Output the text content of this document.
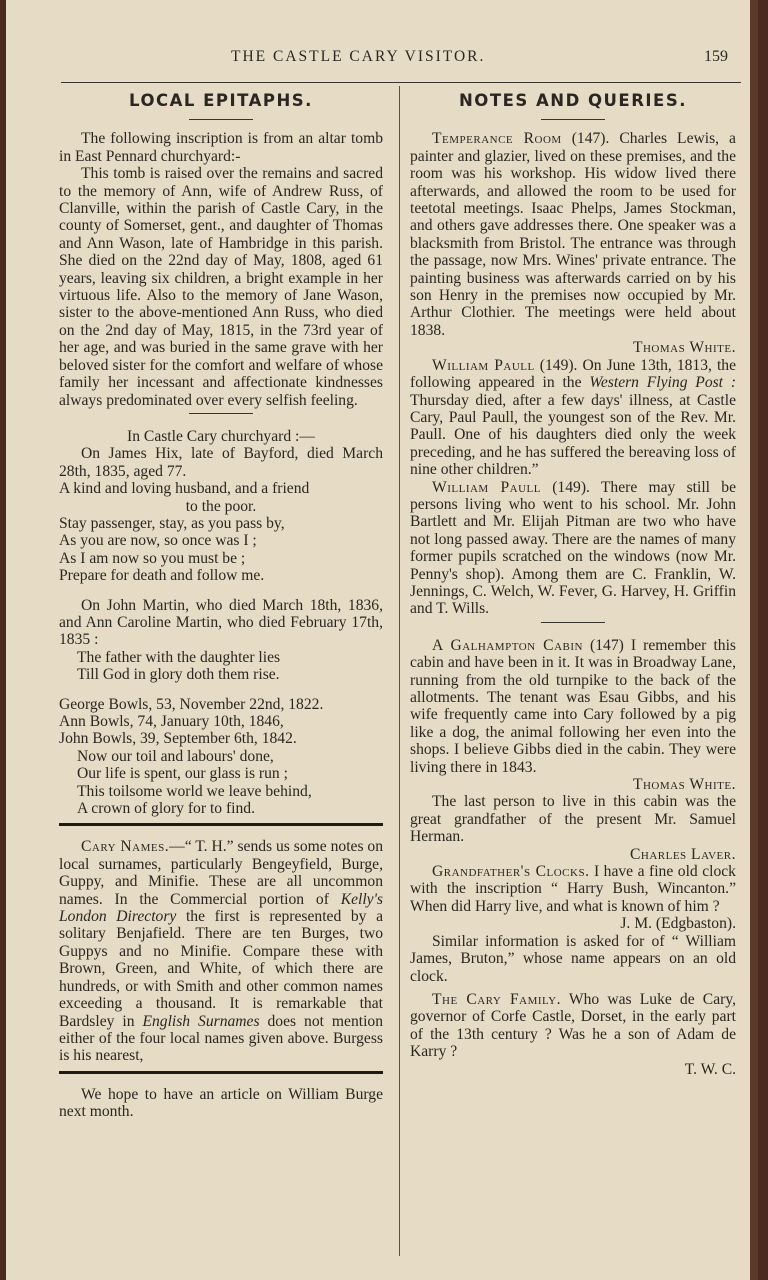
THE CASTLE CARY VISITOR.	159
LOCAL EPITAPHS.

The following inscription is from an altar tomb in East Pennard churchyard:-

This tomb is raised over the remains and sacred to the memory of Ann, wife of Andrew Russ, of Clanville, within the parish of Castle Cary, in the county of Somerset, gent., and daughter of Thomas and Ann Wason, late of Hambridge in this parish. She died on the 22nd day of May, 1808, aged 61 years, leaving six children, a bright example in her virtuous life. Also to the memory of Jane Wason, sister to the above-mentioned Ann Russ, who died on the 2nd day of May, 1815, in the 73rd year of her age, and was buried in the same grave with her beloved sister for the comfort and welfare of whose family her incessant and affectionate kindnesses always predominated over every selfish feeling.

In Castle Cary churchyard :—

On James Hix, late of Bayford, died March 28th, 1835, aged 77.

A kind and loving husband, and a friend

to the poor.

Stay passenger, stay, as you pass by,

As you are now, so once was I ;

As I am now so you must be ;

Prepare for death and follow me.

On John Martin, who died March 18th, 1836, and Ann Caroline Martin, who died February 17th, 1835 :

The father with the daughter lies

Till God in glory doth them rise.

George Bowls, 53, November 22nd, 1822.

Ann Bowls, 74, January 10th, 1846,

John Bowls, 39, September 6th, 1842.

Now our toil and labours' done,

Our life is spent, our glass is run ;

This toilsome world we leave behind,

A crown of glory for to find.

Cary Names.—“ T. H.” sends us some notes on local surnames, particularly Bengeyfield, Burge, Guppy, and Minifie. These are all uncommon names. In the Commercial portion of Kelly's London Directory the first is represented by a solitary Benjafield. There are ten Burges, two Guppys and no Minifie. Compare these with Brown, Green, and White, of which there are hundreds, or with Smith and other common names exceeding a thousand. It is remarkable that Bardsley in English Surnames does not mention either of the four local names given above. Burgess is his nearest,

We hope to have an article on William Burge next month.

NOTES AND QUERIES.

Temperance Room (147). Charles Lewis, a painter and glazier, lived on these premises, and the room was his workshop. His widow lived there afterwards, and allowed the room to be used for teetotal meetings. Isaac Phelps, James Stockman, and others gave addresses there. One speaker was a blacksmith from Bristol. The entrance was through the passage, now Mrs. Wines' private entrance. The painting business was afterwards carried on by his son Henry in the premises now occupied by Mr. Arthur Clothier. The meetings were held about 1838.

Thomas White.

William Paull (149). On June 13th, 1813, the following appeared in the Western Flying Post : Thursday died, after a few days' illness, at Castle Cary, Paul Paull, the youngest son of the Rev. Mr. Paull. One of his daughters died only the week preceding, and he has suffered the bereaving loss of nine other children.”

William Paull (149). There may still be persons living who went to his school. Mr. John Bartlett and Mr. Elijah Pitman are two who have not long passed away. There are the names of many former pupils scratched on the windows (now Mr. Penny's shop). Among them are C. Franklin, W. Jennings, C. Welch, W. Fever, G. Harvey, H. Griffin and T. Wills.

A Galhampton Cabin (147) I remember this cabin and have been in it. It was in Broadway Lane, running from the old turnpike to the back of the allotments. The tenant was Esau Gibbs, and his wife frequently came into Cary followed by a pig like a dog, the animal following her even into the shops. I believe Gibbs died in the cabin. They were living there in 1843.

Thomas White.

The last person to live in this cabin was the great grandfather of the present Mr. Samuel Herman.

Charles Laver.

Grandfather's Clocks. I have a fine old clock with the inscription “ Harry Bush, Wincanton.” When did Harry live, and what is known of him ?

J. M. (Edgbaston).

Similar information is asked for of “ William James, Bruton,” whose name appears on an old clock.

The Cary Family. Who was Luke de Cary, governor of Corfe Castle, Dorset, in the early part of the 13th century ? Was he a son of Adam de Karry ?

T. W. C.
